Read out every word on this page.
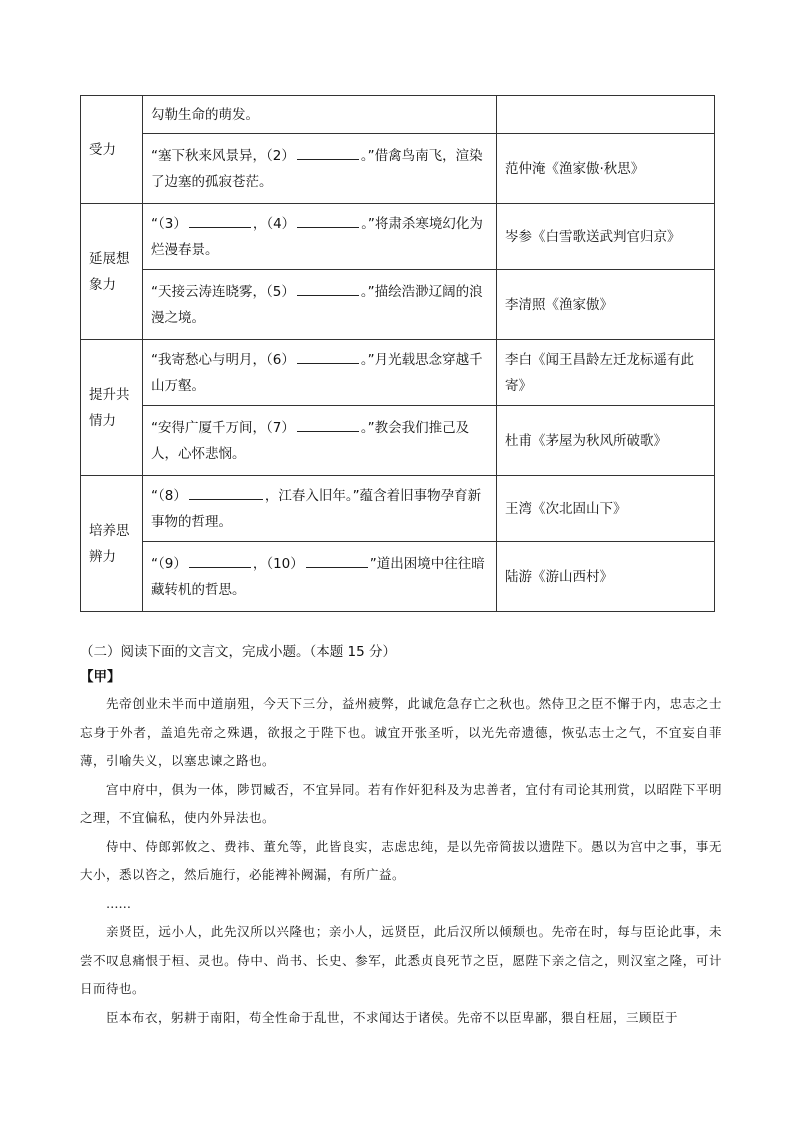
受力	勾勒生命的萌发。	
	“塞下秋来风景异，（2） 。”借禽鸟南飞，渲染了边塞的孤寂苍茫。	范仲淹《渔家傲·秋思》
延展想象力	“（3） ，（4） 。”将肃杀寒境幻化为烂漫春景。	岑参《白雪歌送武判官归京》
	“天接云涛连晓雾，（5） 。”描绘浩渺辽阔的浪漫之境。	李清照《渔家傲》
提升共情力	“我寄愁心与明月，（6） 。”月光载思念穿越千山万壑。	李白《闻王昌龄左迁龙标遥有此寄》
	“安得广厦千万间，（7） 。”教会我们推己及人，心怀悲悯。	杜甫《茅屋为秋风所破歌》
培养思辨力	“（8） ，江春入旧年。”蕴含着旧事物孕育新事物的哲理。	王湾《次北固山下》
	“（9） ，（10） ”道出困境中往往暗藏转机的哲思。	陆游《游山西村》
（二）阅读下面的文言文，完成小题。（本题 15 分）
【甲】

先帝创业未半而中道崩殂，今天下三分，益州疲弊，此诚危急存亡之秋也。然侍卫之臣不懈于内，忠志之士忘身于外者，盖追先帝之殊遇，欲报之于陛下也。诚宜开张圣听，以光先帝遗德，恢弘志士之气，不宜妄自菲薄，引喻失义，以塞忠谏之路也。

宫中府中，俱为一体，陟罚臧否，不宜异同。若有作奸犯科及为忠善者，宜付有司论其刑赏，以昭陛下平明之理，不宜偏私，使内外异法也。

侍中、侍郎郭攸之、费祎、董允等，此皆良实，志虑忠纯，是以先帝简拔以遗陛下。愚以为宫中之事，事无大小，悉以咨之，然后施行，必能裨补阙漏，有所广益。

……

亲贤臣，远小人，此先汉所以兴隆也；亲小人，远贤臣，此后汉所以倾颓也。先帝在时，每与臣论此事，未尝不叹息痛恨于桓、灵也。侍中、尚书、长史、参军，此悉贞良死节之臣，愿陛下亲之信之，则汉室之隆，可计日而待也。

臣本布衣，躬耕于南阳，苟全性命于乱世，不求闻达于诸侯。先帝不以臣卑鄙，猥自枉屈，三顾臣于
